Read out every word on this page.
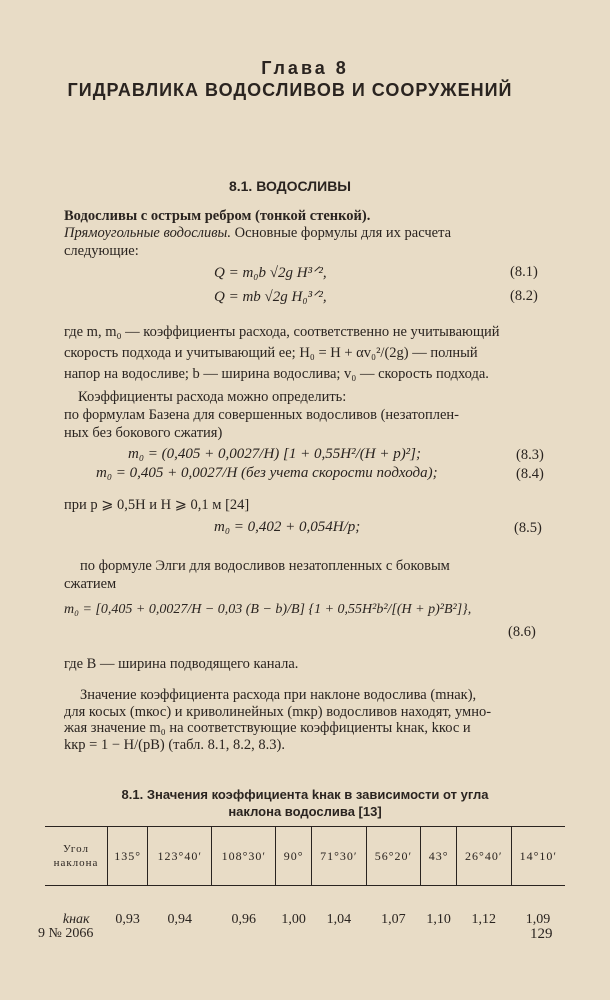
Глава 8
ГИДРАВЛИКА ВОДОСЛИВОВ И СООРУЖЕНИЙ
8.1. ВОДОСЛИВЫ
Водосливы с острым ребром (тонкой стенкой).
Прямоугольные водосливы. Основные формулы для их расчета
следующие:
Q = m₀b √2g H³ᐟ²,	(8.1)
Q = mb √2g H₀³ᐟ²,	(8.2)
где m, m₀ — коэффициенты расхода, соответственно не учитывающий
скорость подхода и учитывающий ее; H₀ = H + αv₀²/(2g) — полный
напор на водосливе; b — ширина водослива; v₀ — скорость подхода.
Коэффициенты расхода можно определить:
по формулам Базена для совершенных водосливов (незатоплен-
ных без бокового сжатия)
m₀ = (0,405 + 0,0027/H) [1 + 0,55H²/(H + p)²];	(8.3)
m₀ = 0,405 + 0,0027/H (без учета скорости подхода);	(8.4)
при p ⩾ 0,5H и H ⩾ 0,1 м [24]
m₀ = 0,402 + 0,054H/p;	(8.5)
по формуле Элги для водосливов незатопленных с боковым
сжатием
m₀ = [0,405 + 0,0027/H − 0,03 (B − b)/B] {1 + 0,55H²b²/[(H + p)²B²]},
(8.6)
где B — ширина подводящего канала.
Значение коэффициента расхода при наклоне водослива (mнак),
для косых (mкос) и криволинейных (mкр) водосливов находят, умно-
жая значение m₀ на соответствующие коэффициенты kнак, kкос и
kкр = 1 − H/(pB) (табл. 8.1, 8.2, 8.3).
8.1. Значения коэффициента kнак в зависимости от угла
наклона водослива [13]
Угол наклона	135°	123°40′	108°30′	90°	71°30′	56°20′	43°	26°40′	14°10′
kнак	0,93	0,94	0,96	1,00	1,04	1,07	1,10	1,12	1,09
9 № 2066	129
